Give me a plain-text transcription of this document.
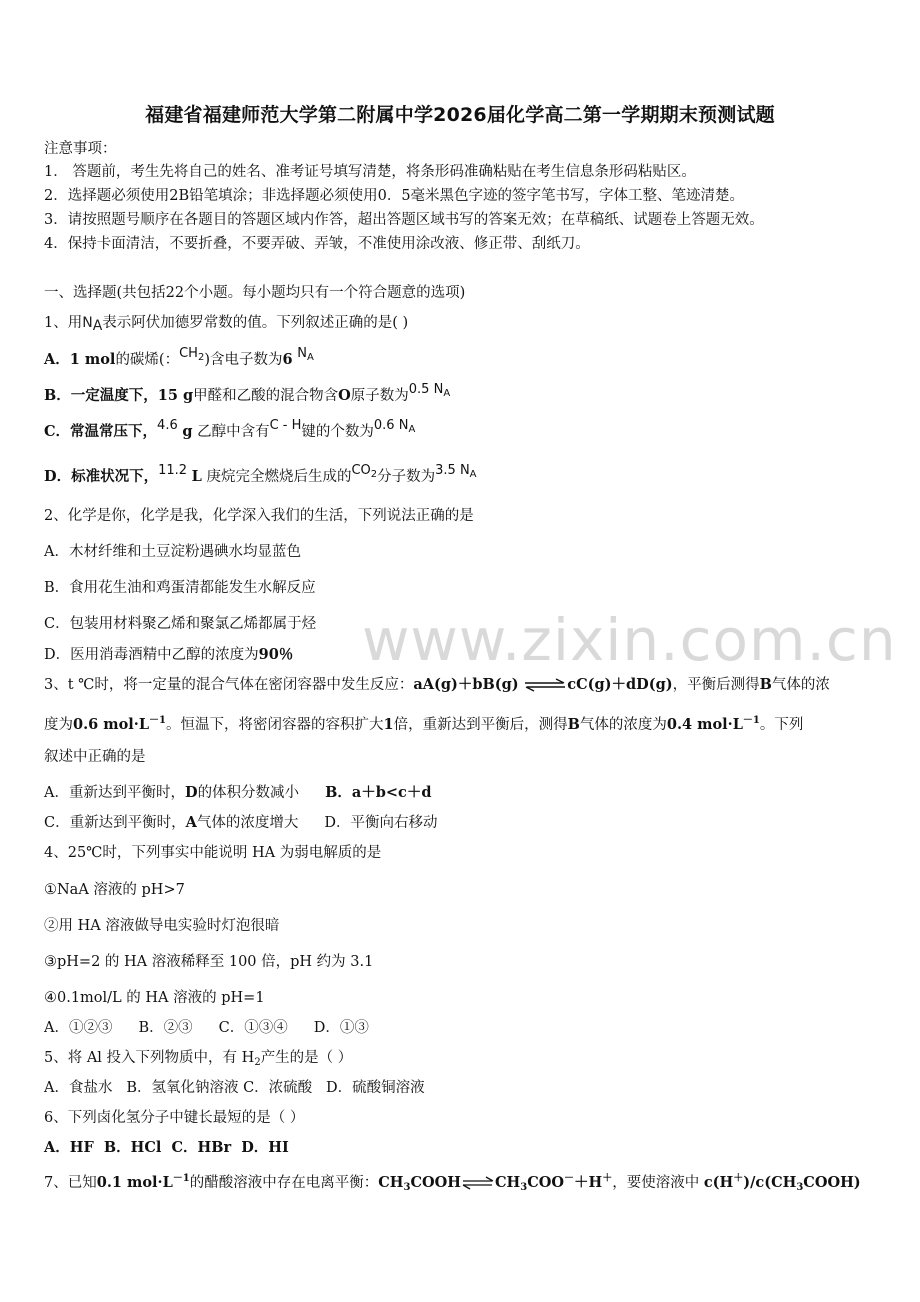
福建省福建师范大学第二附属中学2026届化学高二第一学期期末预测试题
注意事项：
1． 答题前，考生先将自己的姓名、准考证号填写清楚，将条形码准确粘贴在考生信息条形码粘贴区。
2．选择题必须使用2B铅笔填涂；非选择题必须使用0．5毫米黑色字迹的签字笔书写，字体工整、笔迹清楚。
3．请按照题号顺序在各题目的答题区域内作答，超出答题区域书写的答案无效；在草稿纸、试题卷上答题无效。
4．保持卡面清洁，不要折叠，不要弄破、弄皱，不准使用涂改液、修正带、刮纸刀。
一、选择题(共包括22个小题。每小题均只有一个符合题意的选项)
1、用NA表示阿伏加德罗常数的值。下列叙述正确的是( )
A．1 mol的碳烯(：$CH_2$)含电子数为6 $N_A$
B．一定温度下，15 g甲醛和乙酸的混合物含O原子数为0.5 $N_A$
C．常温常压下，4.6 g 乙醇中含有C - H键的个数为0.6 $N_A$
D．标准状况下，11.2 L 庚烷完全燃烧后生成的$CO_2$分子数为3.5 $N_A$
2、化学是你，化学是我，化学深入我们的生活，下列说法正确的是
A．木材纤维和土豆淀粉遇碘水均显蓝色
B．食用花生油和鸡蛋清都能发生水解反应
C．包装用材料聚乙烯和聚氯乙烯都属于烃
D．医用消毒酒精中乙醇的浓度为90％
3、t ℃时，将一定量的混合气体在密闭容器中发生反应：aA(g)＋bB(g) ⇌cC(g)＋dD(g)，平衡后测得B气体的浓
度为0.6 $mol\cdot L^{-1}$。恒温下，将密闭容器的容积扩大1倍，重新达到平衡后，测得B气体的浓度为0.4 $mol\cdot L^{-1}$。下列
叙述中正确的是
A．重新达到平衡时，D的体积分数减小 B．a＋b<c＋d
C．重新达到平衡时，A气体的浓度增大 D．平衡向右移动
4、25℃时，下列事实中能说明 HA 为弱电解质的是
①NaA 溶液的 pH>7
②用 HA 溶液做导电实验时灯泡很暗
③pH=2 的 HA 溶液稀释至 100 倍，pH 约为 3.1
④0.1mol/L 的 HA 溶液的 pH=1
A．①②③ B．②③ C．①③④ D．①③
5、将 Al 投入下列物质中，有 $H_2$产生的是（ ）
A．食盐水 B．氢氧化钠溶液 C．浓硫酸 D．硫酸铜溶液
6、下列卤化氢分子中键长最短的是（ ）
A．HF B．HCl C．HBr D．HI
7、已知0.1 $mol\cdot L^{-1}$的醋酸溶液中存在电离平衡：$CH_3COOH\rightleftharpoons CH_3COO^-+H^+$，要使溶液中 $c(H^+)/c(CH_3COOH)$
www.zixin.com.cn
